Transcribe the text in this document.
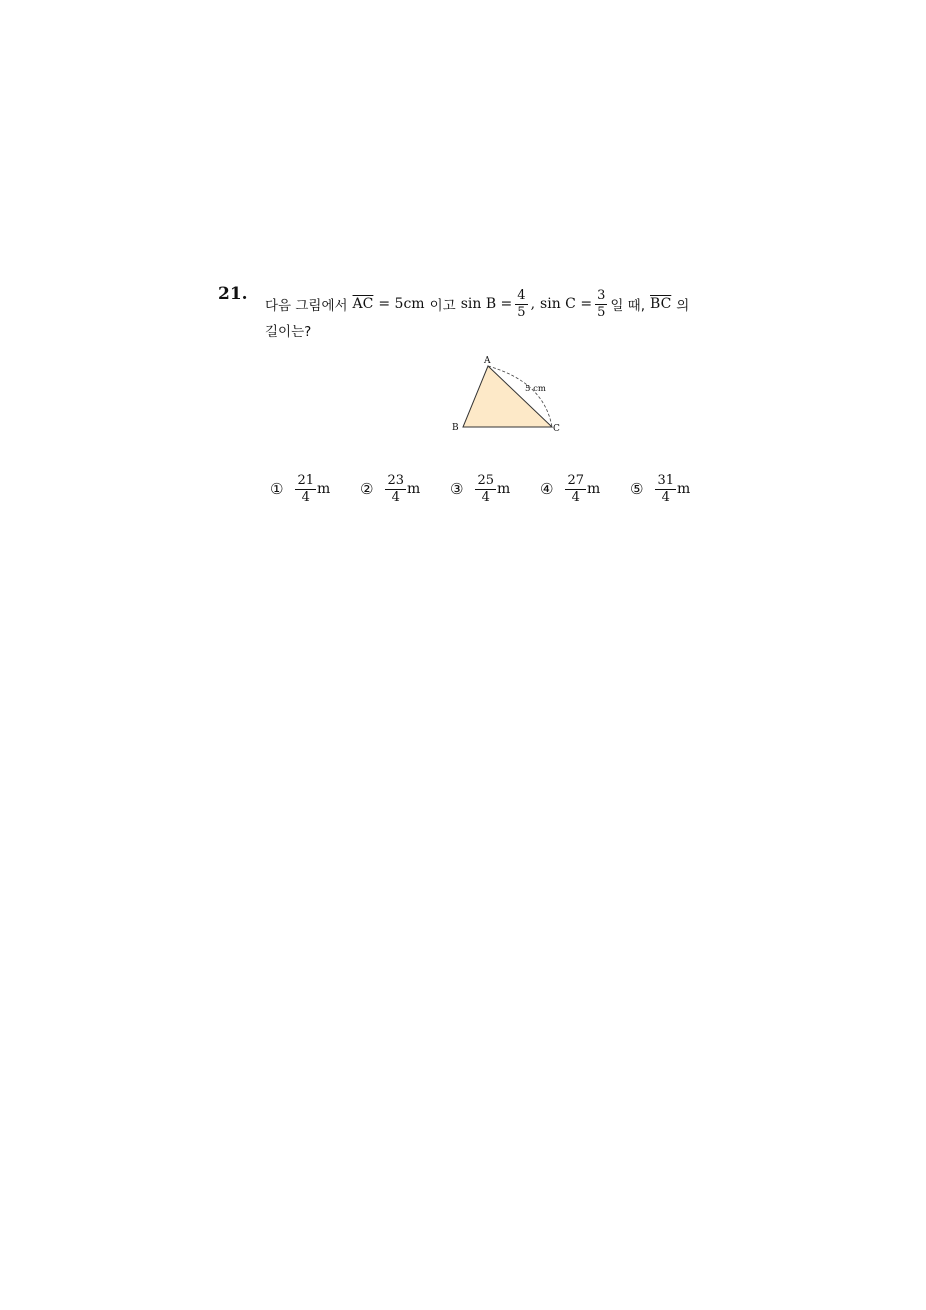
21.
다음 그림에서 $\overline{AC} = 5cm$ 이고 $\sin B = \frac{4}{5}$ , $\sin C = \frac{3}{5}$ 일 때, $\overline{BC}$ 의
길이는?
A
B	C
5 cm
① $\frac{21}{4}$ m ② $\frac{23}{4}$ m ③ $\frac{25}{4}$ m ④ $\frac{27}{4}$ m ⑤ $\frac{31}{4}$ m
